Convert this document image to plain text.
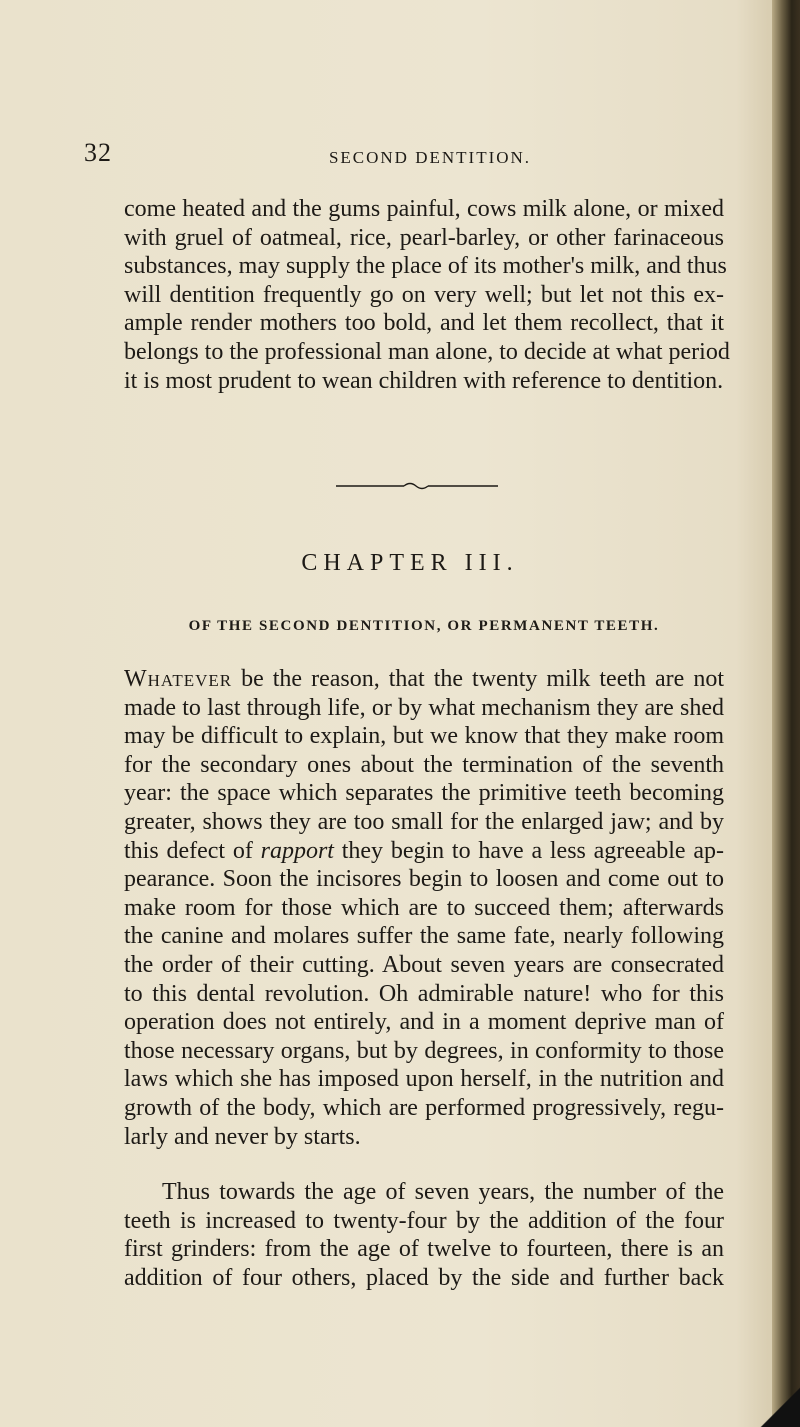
32	SECOND DENTITION.
come heated and the gums painful, cows milk alone, or mixed
with gruel of oatmeal, rice, pearl-barley, or other farinaceous
substances, may supply the place of its mother's milk, and thus
will dentition frequently go on very well; but let not this ex-
ample render mothers too bold, and let them recollect, that it
belongs to the professional man alone, to decide at what period
it is most prudent to wean children with reference to dentition.
CHAPTER III.
OF THE SECOND DENTITION, OR PERMANENT TEETH.
Whatever be the reason, that the twenty milk teeth are not
made to last through life, or by what mechanism they are shed
may be difficult to explain, but we know that they make room
for the secondary ones about the termination of the seventh
year: the space which separates the primitive teeth becoming
greater, shows they are too small for the enlarged jaw; and by
this defect of rapport they begin to have a less agreeable ap-
pearance. Soon the incisores begin to loosen and come out to
make room for those which are to succeed them; afterwards
the canine and molares suffer the same fate, nearly following
the order of their cutting. About seven years are consecrated
to this dental revolution. Oh admirable nature! who for this
operation does not entirely, and in a moment deprive man of
those necessary organs, but by degrees, in conformity to those
laws which she has imposed upon herself, in the nutrition and
growth of the body, which are performed progressively, regu-
larly and never by starts.
Thus towards the age of seven years, the number of the
teeth is increased to twenty-four by the addition of the four
first grinders: from the age of twelve to fourteen, there is an
addition of four others, placed by the side and further back
